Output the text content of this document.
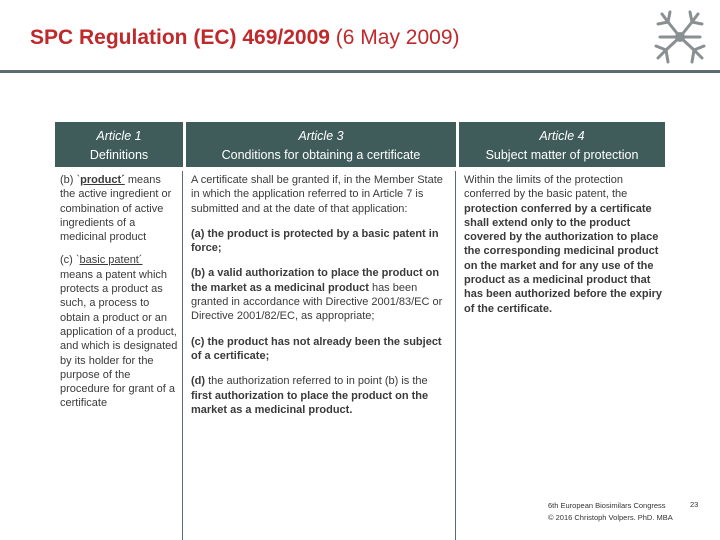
SPC Regulation (EC) 469/2009 (6 May 2009)
Article 1
Definitions
Article 3
Conditions for obtaining a certificate
Article 4
Subject matter of protection

(b) `product´ means the active ingredient or combination of active ingredients of a medicinal product

(c) `basic patent´ means a patent which protects a product as such, a process to obtain a product or an application of a product, and which is designated by its holder for the purpose of the procedure for grant of a certificate

A certificate shall be granted if, in the Member State in which the application referred to in Article 7 is submitted and at the date of that application:

(a) the product is protected by a basic patent in force;

(b) a valid authorization to place the product on the market as a medicinal product has been granted in accordance with Directive 2001/83/EC or Directive 2001/82/EC, as appropriate;

(c) the product has not already been the subject of a certificate;

(d) the authorization referred to in point (b) is the first authorization to place the product on the market as a medicinal product.

Within the limits of the protection conferred by the basic patent, the protection conferred by a certificate shall extend only to the product covered by the authorization to place the corresponding medicinal product on the market and for any use of the product as a medicinal product that has been authorized before the expiry of the certificate.

6th European Biosimilars Congress
© 2016 Christoph Volpers. PhD. MBA
23
